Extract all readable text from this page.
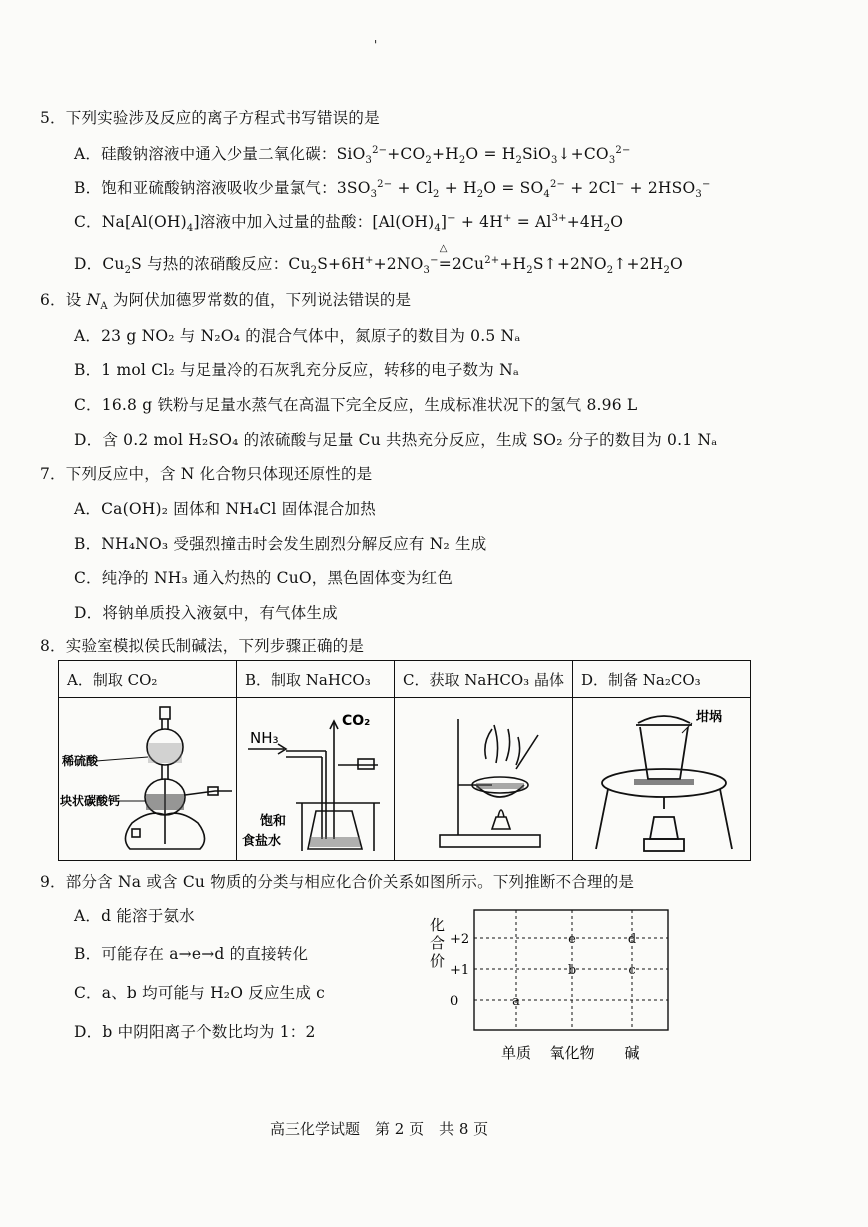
'
5．下列实验涉及反应的离子方程式书写错误的是
A．硅酸钠溶液中通入少量二氧化碳：$SiO_3^{2-}+CO_2+H_2O$ = $H_2SiO_3↓+CO_3^{2-}$
B．饱和亚硫酸钠溶液吸收少量氯气：$3SO_3^{2-} + Cl_2 + H_2O = SO_4^{2-} + 2Cl^- + 2HSO_3^-$
C．$Na[Al(OH)_4]$溶液中加入过量的盐酸：$[Al(OH)_4]^- + 4H^+ = Al^{3+}+4H_2O$
D．$Cu_2S$ 与热的浓硝酸反应：$Cu_2S+6H^++2NO_3^-=$
△
$2Cu^{2+}+H_2S↑+2NO_2↑+2H_2O$
6．设 $N_A$ 为阿伏加德罗常数的值，下列说法错误的是
A．23 g NO₂ 与 N₂O₄ 的混合气体中，氮原子的数目为 0.5 Nₐ
B．1 mol Cl₂ 与足量冷的石灰乳充分反应，转移的电子数为 Nₐ
C．16.8 g 铁粉与足量水蒸气在高温下完全反应，生成标准状况下的氢气 8.96 L
D．含 0.2 mol H₂SO₄ 的浓硫酸与足量 Cu 共热充分反应，生成 SO₂ 分子的数目为 0.1 Nₐ
7．下列反应中，含 N 化合物只体现还原性的是
A．Ca(OH)₂ 固体和 NH₄Cl 固体混合加热
B．NH₄NO₃ 受强烈撞击时会发生剧烈分解反应有 N₂ 生成
C．纯净的 NH₃ 通入灼热的 CuO，黑色固体变为红色
D．将钠单质投入液氨中，有气体生成
8．实验室模拟侯氏制碱法，下列步骤正确的是
A．制取 CO₂	B．制取 NaHCO₃	C．获取 NaHCO₃ 晶体	D．制备 Na₂CO₃

稀硫酸
块状碳酸钙	NH₃
CO₂
饱和
食盐水		坩埚
9．部分含 Na 或含 Cu 物质的分类与相应化合价关系如图所示。下列推断不合理的是
A．d 能溶于氨水
B．可能存在 a→e→d 的直接转化
C．a、b 均可能与 H₂O 反应生成 c
D．b 中阴阳离子个数比均为 1：2
化
合
价
+2
+1
0	a
b
e
c
d
单质 氧化物 碱
高三化学试题　第 2 页　共 8 页
